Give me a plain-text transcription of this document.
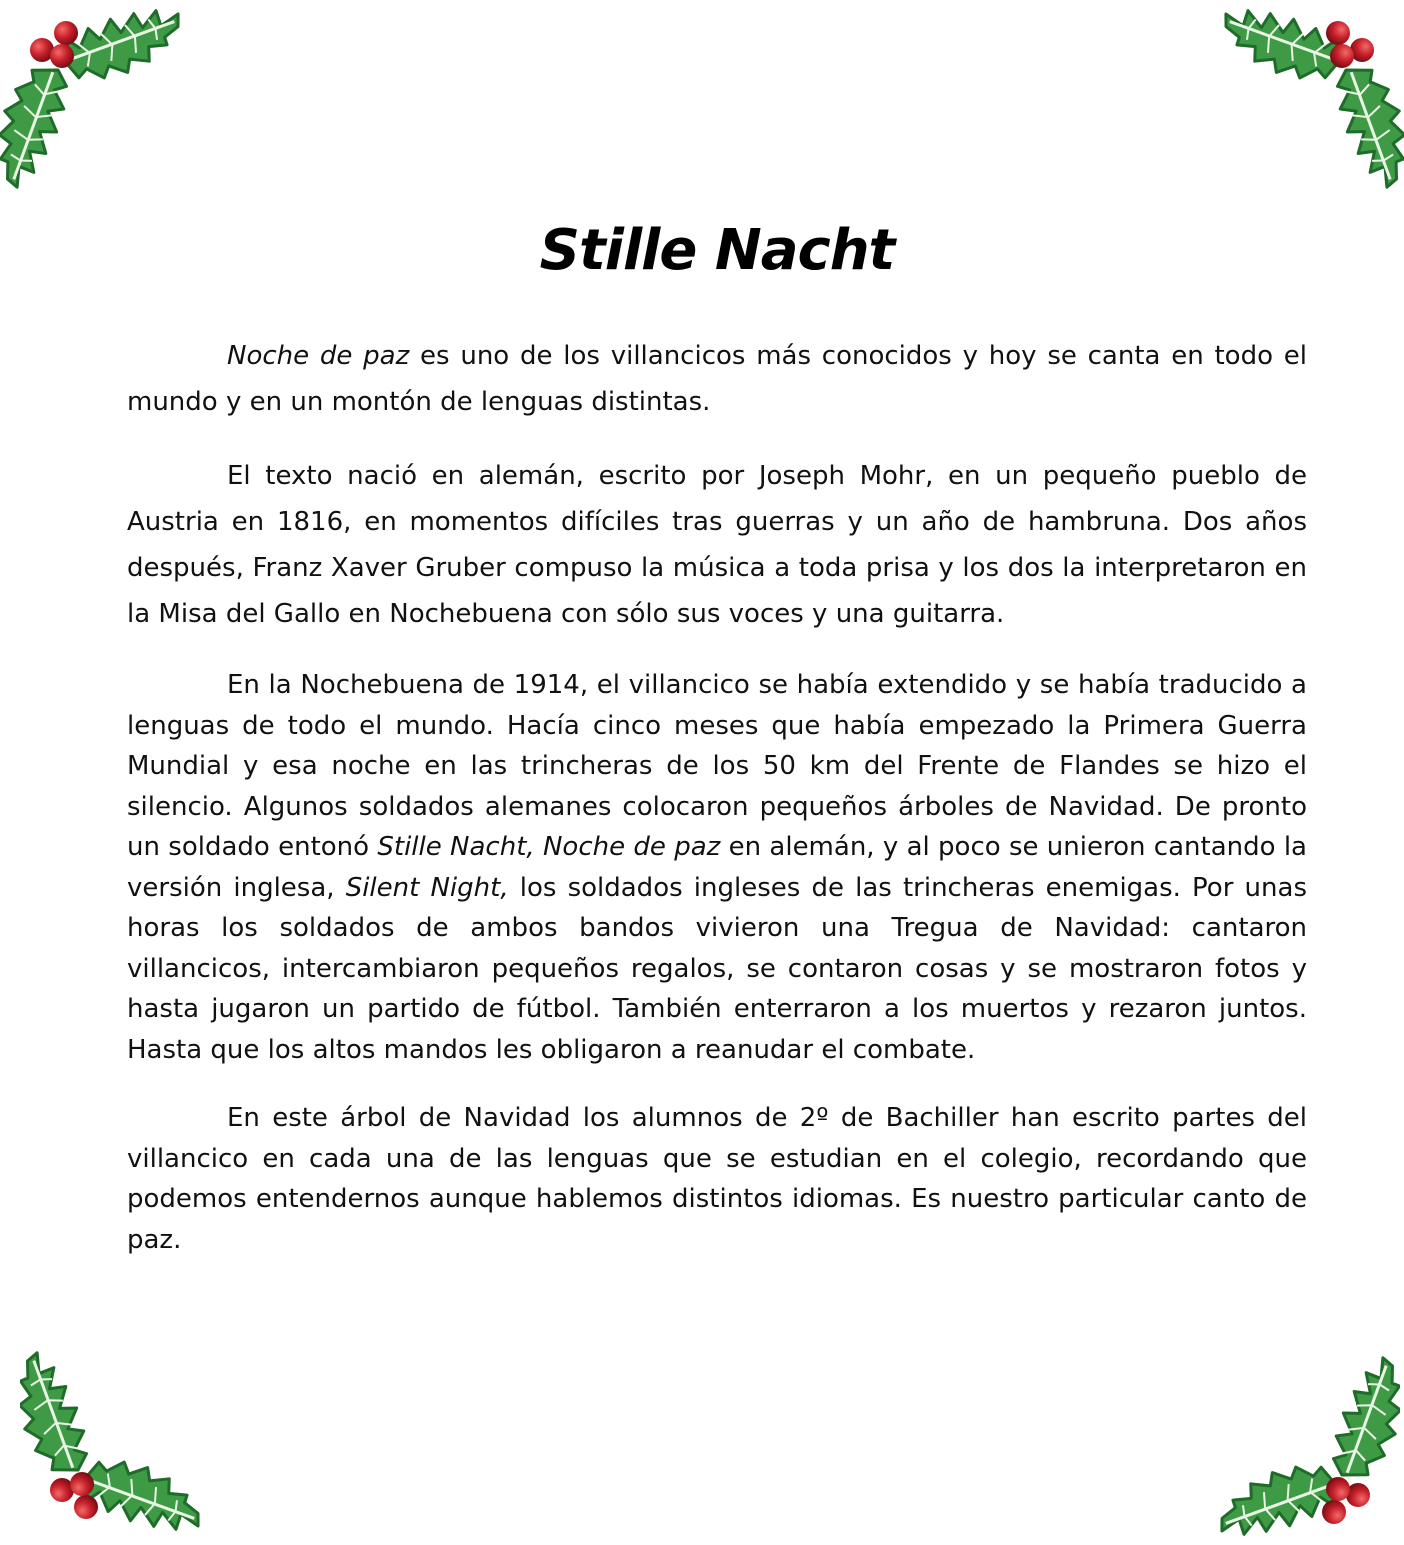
Stille Nacht

Noche de paz es uno de los villancicos más conocidos y hoy se canta en todo el mundo y en un montón de lenguas distintas.

El texto nació en alemán, escrito por Joseph Mohr, en un pequeño pueblo de Austria en 1816, en momentos difíciles tras guerras y un año de hambruna. Dos años después, Franz Xaver Gruber compuso la música a toda prisa y los dos la interpretaron en la Misa del Gallo en Nochebuena con sólo sus voces y una guitarra.

En la Nochebuena de 1914, el villancico se había extendido y se había traducido a lenguas de todo el mundo. Hacía cinco meses que había empezado la Primera Guerra Mundial y esa noche en las trincheras de los 50 km del Frente de Flandes se hizo el silencio. Algunos soldados alemanes colocaron pequeños árboles de Navidad. De pronto un soldado entonó Stille Nacht, Noche de paz en alemán, y al poco se unieron cantando la versión inglesa, Silent Night, los soldados ingleses de las trincheras enemigas. Por unas horas los soldados de ambos bandos vivieron una Tregua de Navidad: cantaron villancicos, intercambiaron pequeños regalos, se contaron cosas y se mostraron fotos y hasta jugaron un partido de fútbol. También enterraron a los muertos y rezaron juntos. Hasta que los altos mandos les obligaron a reanudar el combate.

En este árbol de Navidad los alumnos de 2º de Bachiller han escrito partes del villancico en cada una de las lenguas que se estudian en el colegio, recordando que podemos entendernos aunque hablemos distintos idiomas. Es nuestro particular canto de paz.
